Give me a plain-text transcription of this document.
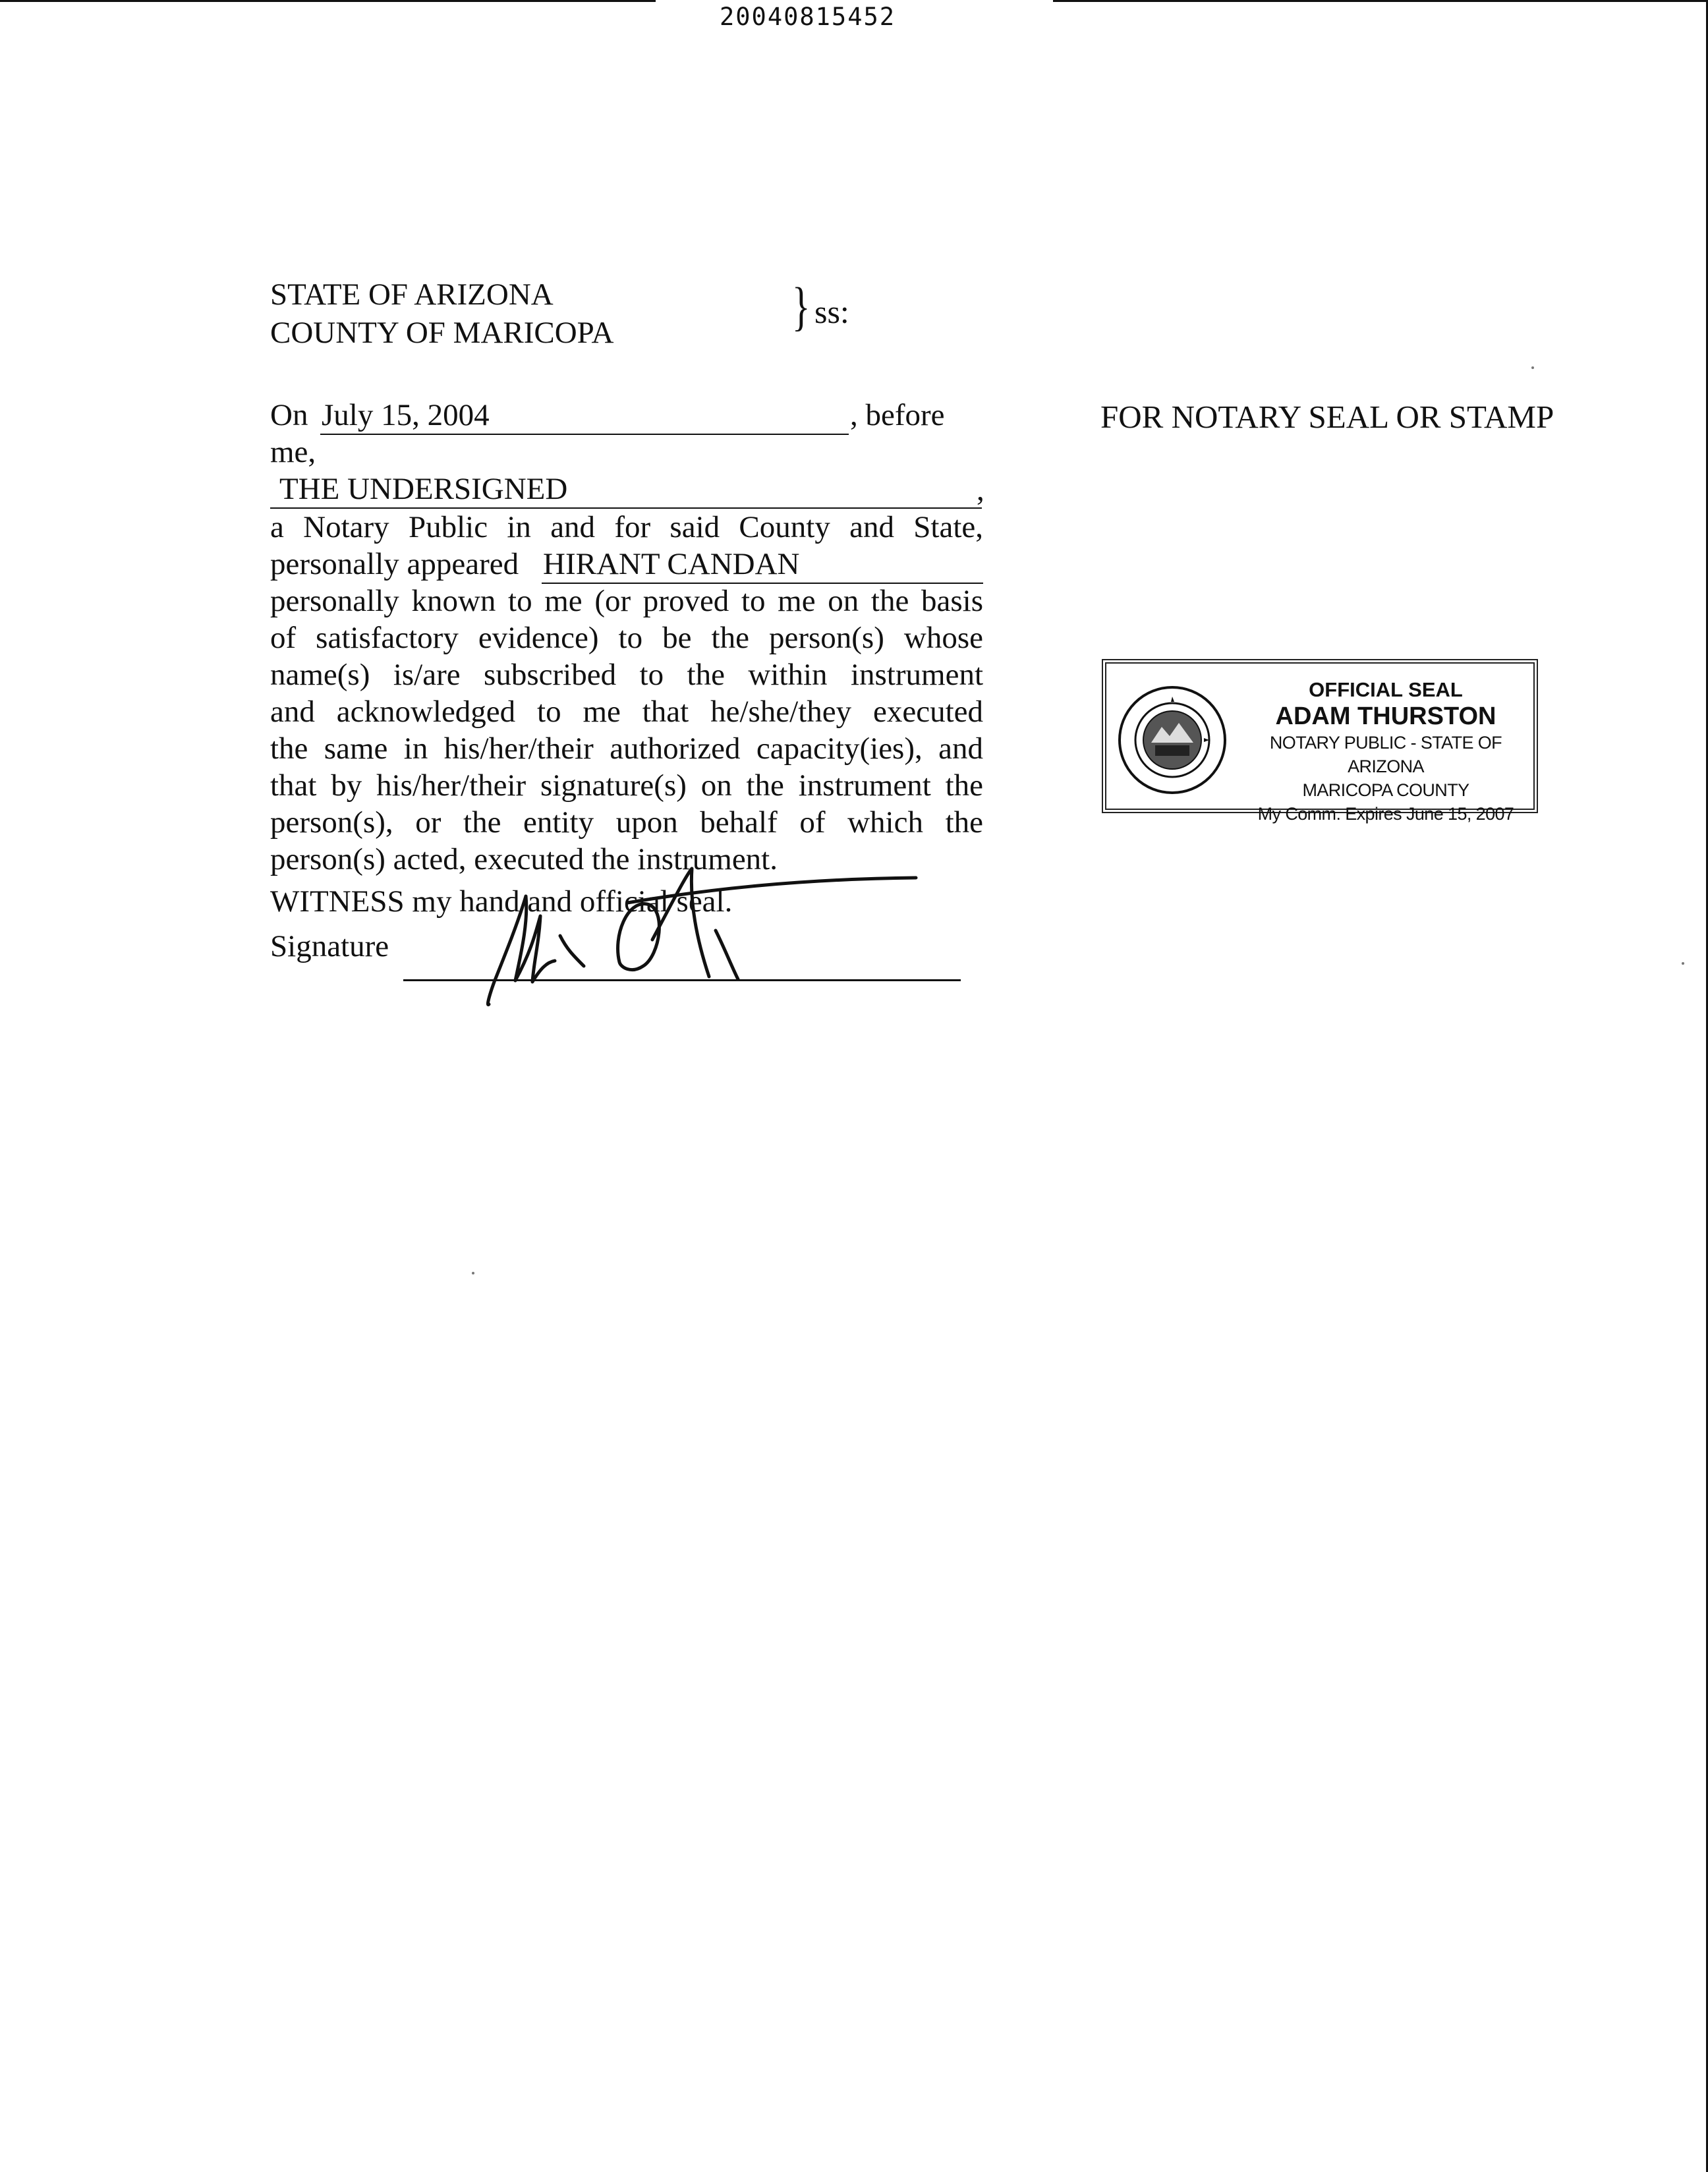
20040815452
STATE OF ARIZONA
COUNTY OF MARICOPA	} ss:
On July 15, 2004	, before
me,
THE UNDERSIGNED	,
a Notary Public in and for said County and State,
personally appeared HIRANT CANDAN
personally known to me (or proved to me on the basis
of satisfactory evidence) to be the person(s) whose
name(s) is/are subscribed to the within instrument
and acknowledged to me that he/she/they executed
the same in his/her/their authorized capacity(ies), and
that by his/her/their signature(s) on the instrument the
person(s), or the entity upon behalf of which the
person(s) acted, executed the instrument.
WITNESS my hand and official seal.
Signature
FOR NOTARY SEAL OR STAMP
OFFICIAL SEAL
ADAM THURSTON
NOTARY PUBLIC - STATE OF ARIZONA
MARICOPA COUNTY
My Comm. Expires June 15, 2007
